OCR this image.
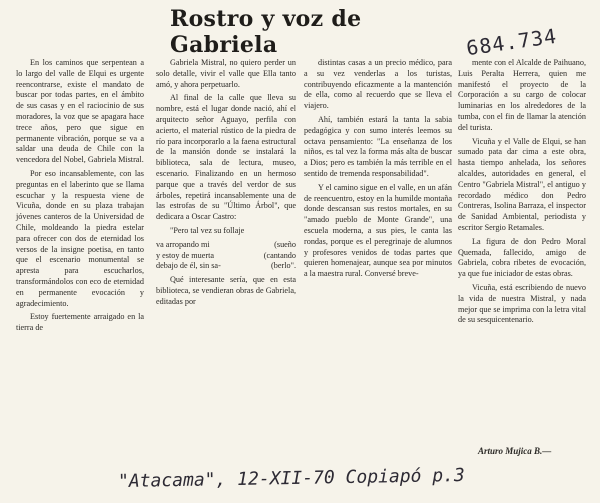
Rostro y voz de Gabriela	684.734

En los caminos que serpentean a lo largo del valle de Elqui es urgente reencontrarse, existe el mandato de buscar por todas partes, en el ámbito de sus casas y en el raciocinio de sus moradores, la voz que se apagara hace trece años, pero que sigue en permanente vibración, porque se va a saldar una deuda de Chile con la vencedora del Nobel, Gabriela Mistral.

Por eso incansablemente, con las preguntas en el laberinto que se llama escuchar y la respuesta viene de Vicuña, donde en su plaza trabajan jóvenes canteros de la Universidad de Chile, moldeando la piedra estelar para ofrecer con dos de eternidad los versos de la insigne poetisa, en tanto que el escenario monumental se apresta para escucharlos, transformándolos con eco de eternidad en permanente evocación y agradecimiento.

Estoy fuertemente arraigado en la tierra de

Gabriela Mistral, no quiero perder un solo detalle, vivir el valle que Ella tanto amó, y ahora perpetuarlo.

Al final de la calle que lleva su nombre, está el lugar donde nació, ahí el arquitecto señor Aguayo, perfila con acierto, el material rústico de la piedra de río para incorporarlo a la faena estructural de la mansión donde se instalará la biblioteca, sala de lectura, museo, escenario. Finalizando en un hermoso parque que a través del verdor de sus árboles, repetirá incansablemente una de las estrofas de su "Último Árbol", que dedicara a Oscar Castro:

"Pero tal vez su follaje

va arropando mi	(sueño
y estoy de muerta	(cantando
debajo de él, sin sa-	(berlo".

Qué interesante sería, que en esta biblioteca, se vendieran obras de Gabriela, editadas por

distintas casas a un precio médico, para a su vez venderlas a los turistas, contribuyendo eficazmente a la mantención de ella, como al recuerdo que se lleva el viajero.

Ahí, también estará la tanta la sabia pedagógica y con sumo interés leemos su octava pensamiento: "La enseñanza de los niños, es tal vez la forma más alta de buscar a Dios; pero es también la más terrible en el sentido de tremenda responsabilidad".

Y el camino sigue en el valle, en un afán de reencuentro, estoy en la humilde montaña donde descansan sus restos mortales, en su "amado pueblo de Monte Grande", una escuela moderna, a sus pies, le canta las rondas, porque es el peregrinaje de alumnos y profesores venidos de todas partes que quieren homenajear, aunque sea por minutos a la maestra rural. Conversé breve-

mente con el Alcalde de Paihuano, Luis Peralta Herrera, quien me manifestó el proyecto de la Corporación a su cargo de colocar luminarias en los alrededores de la tumba, con el fin de llamar la atención del turista.

Vicuña y el Valle de Elqui, se han sumado pata dar cima a este obra, hasta tiempo anhelada, los señores alcaldes, autoridades en general, el Centro "Gabriela Mistral", el antiguo y recordado médico don Pedro Contreras, Isolina Barraza, el inspector de Sanidad Ambiental, periodista y escritor Sergio Retamales.

La figura de don Pedro Moral Quemada, fallecido, amigo de Gabriela, cobra ribetes de evocación, ya que fue iniciador de estas obras.

Vicuña, está escribiendo de nuevo la vida de nuestra Mistral, y nada mejor que se imprima con la letra vital de su sesquicentenario.

Arturo Mujica B.—
"Atacama", 12-XII-70 Copiapó p.3
